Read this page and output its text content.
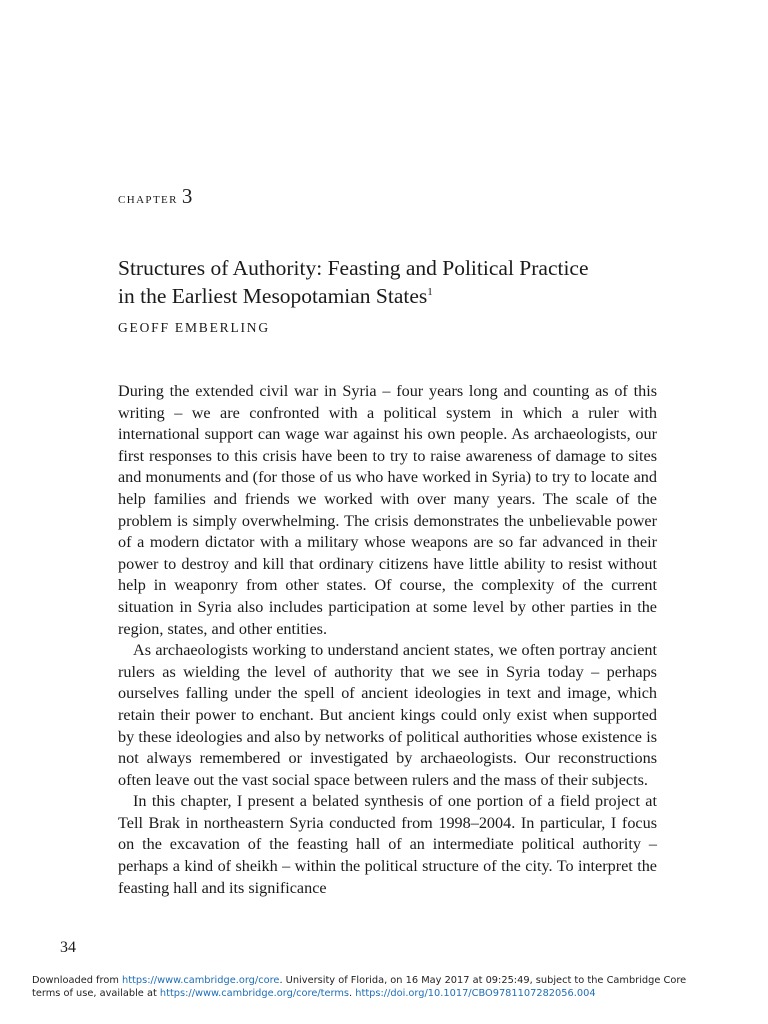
chapter 3
Structures of Authority: Feasting and Political Practice
in the Earliest Mesopotamian States$^1$
GEOFF EMBERLING

During the extended civil war in Syria – four years long and counting as of this writing – we are confronted with a political system in which a ruler with international support can wage war against his own people. As archaeologists, our first responses to this crisis have been to try to raise awareness of damage to sites and monuments and (for those of us who have worked in Syria) to try to locate and help families and friends we worked with over many years. The scale of the problem is simply overwhelming. The crisis demonstrates the unbelievable power of a modern dictator with a military whose weapons are so far advanced in their power to destroy and kill that ordinary citizens have little ability to resist without help in weaponry from other states. Of course, the complexity of the current situation in Syria also includes participation at some level by other parties in the region, states, and other entities.

As archaeologists working to understand ancient states, we often portray ancient rulers as wielding the level of authority that we see in Syria today – perhaps ourselves falling under the spell of ancient ideologies in text and image, which retain their power to enchant. But ancient kings could only exist when supported by these ideologies and also by networks of political authorities whose existence is not always remembered or investigated by archaeologists. Our reconstructions often leave out the vast social space between rulers and the mass of their subjects.

In this chapter, I present a belated synthesis of one portion of a field project at Tell Brak in northeastern Syria conducted from 1998–2004. In particular, I focus on the excavation of the feasting hall of an intermediate political authority – perhaps a kind of sheikh – within the political structure of the city. To interpret the feasting hall and its significance

34
Downloaded from https://www.cambridge.org/core. University of Florida, on 16 May 2017 at 09:25:49, subject to the Cambridge Core
terms of use, available at https://www.cambridge.org/core/terms. https://doi.org/10.1017/CBO9781107282056.004
